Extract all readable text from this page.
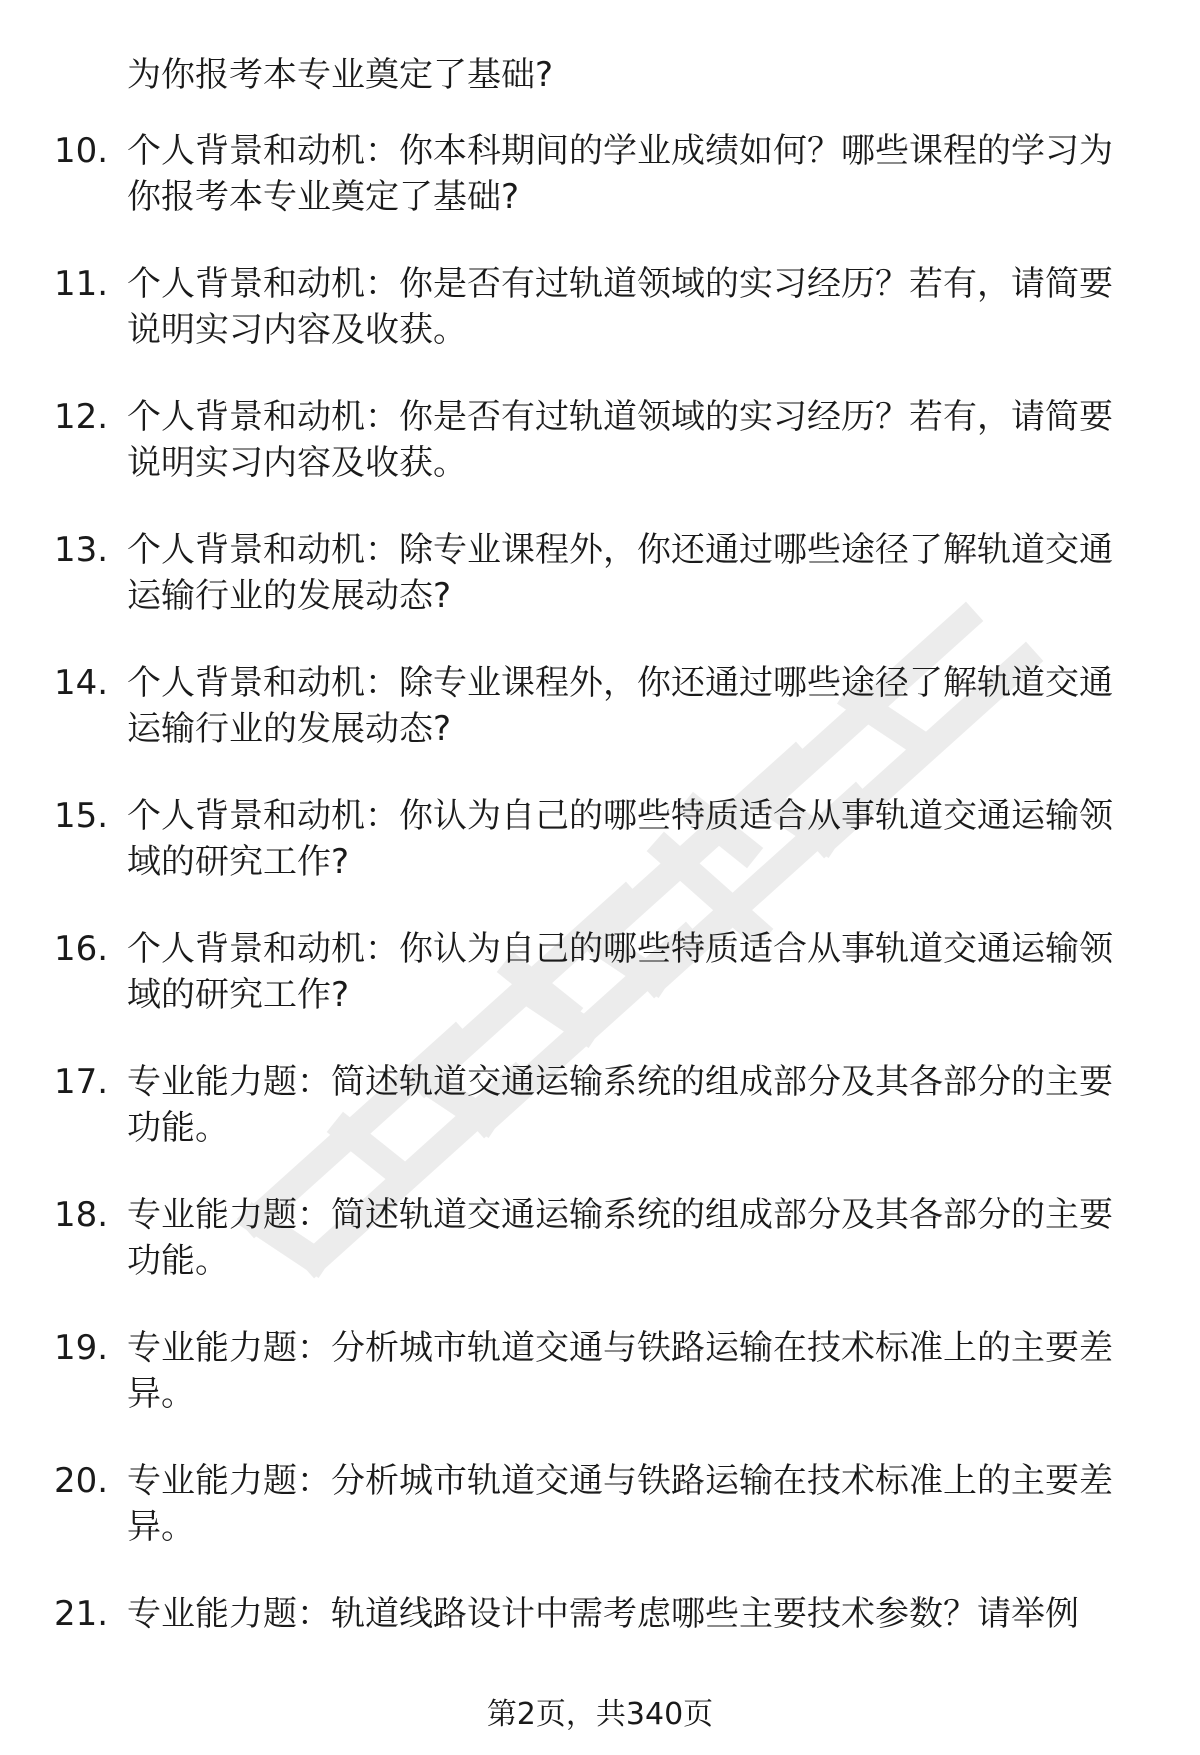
为你报考本专业奠定了基础?

10. 个人背景和动机：你本科期间的学业成绩如何？哪些课程的学习为你报考本专业奠定了基础?

11. 个人背景和动机：你是否有过轨道领域的实习经历？若有，请简要说明实习内容及收获。

12. 个人背景和动机：你是否有过轨道领域的实习经历？若有，请简要说明实习内容及收获。

13. 个人背景和动机：除专业课程外，你还通过哪些途径了解轨道交通运输行业的发展动态?

14. 个人背景和动机：除专业课程外，你还通过哪些途径了解轨道交通运输行业的发展动态?

15. 个人背景和动机：你认为自己的哪些特质适合从事轨道交通运输领域的研究工作?

16. 个人背景和动机：你认为自己的哪些特质适合从事轨道交通运输领域的研究工作?

17. 专业能力题：简述轨道交通运输系统的组成部分及其各部分的主要功能。

18. 专业能力题：简述轨道交通运输系统的组成部分及其各部分的主要功能。

19. 专业能力题：分析城市轨道交通与铁路运输在技术标准上的主要差异。

20. 专业能力题：分析城市轨道交通与铁路运输在技术标准上的主要差异。

21. 专业能力题：轨道线路设计中需考虑哪些主要技术参数？请举例

第2页，共340页
